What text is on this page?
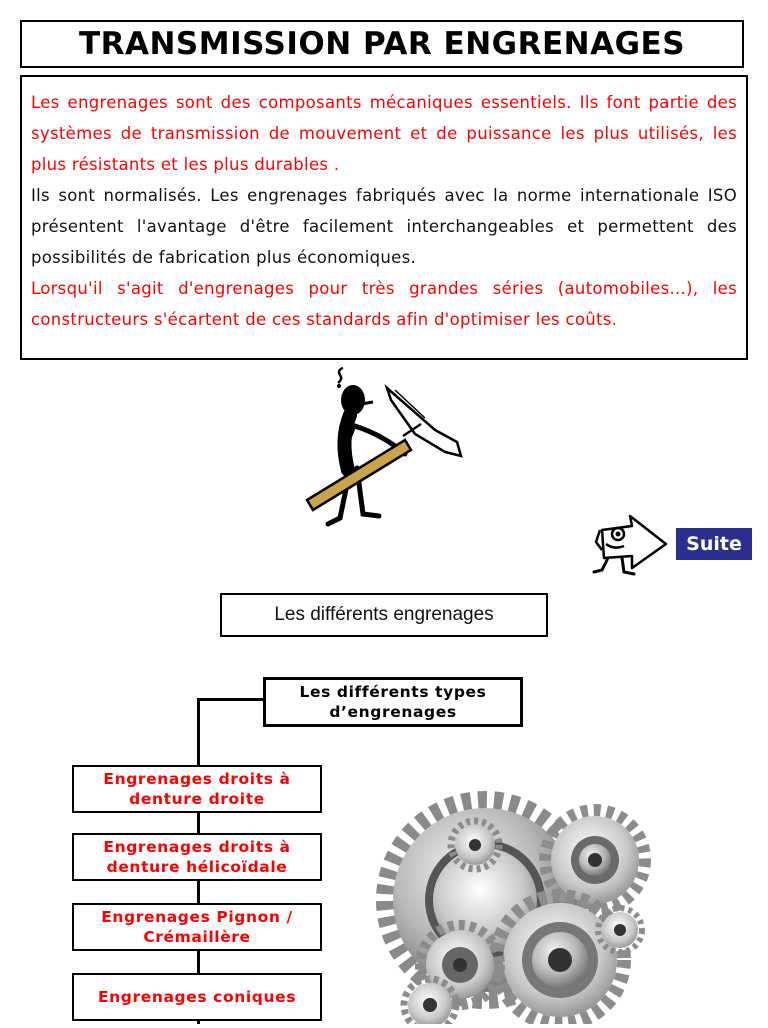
TRANSMISSION PAR ENGRENAGES

Les engrenages sont des composants mécaniques essentiels. Ils font partie des systèmes de transmission de mouvement et de puissance les plus utilisés, les plus résistants et les plus durables .

Ils sont normalisés. Les engrenages fabriqués avec la norme internationale ISO présentent l'avantage d'être facilement interchangeables et permettent des possibilités de fabrication plus économiques.

Lorsqu'il s'agit d'engrenages pour très grandes séries (automobiles...), les constructeurs s'écartent de ces standards afin d'optimiser les coûts.

Suite
Les différents engrenages
Les différents types d’engrenages
Engrenages droits à denture droite
Engrenages droits à denture hélicoïdale
Engrenages Pignon / Crémaillère
Engrenages coniques
